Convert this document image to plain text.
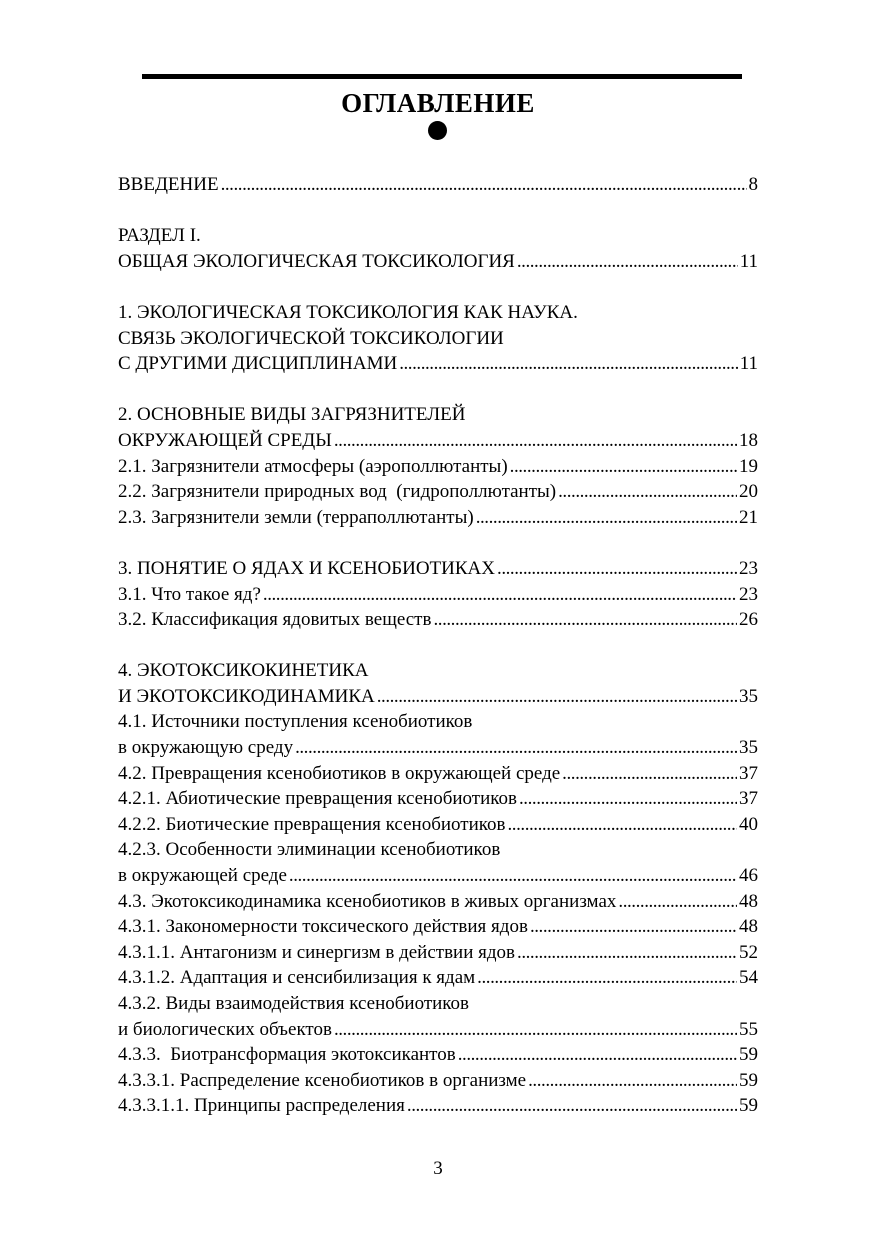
ОГЛАВЛЕНИЕ
ВВЕДЕНИЕ . . .	8
РАЗДЕЛ I.
ОБЩАЯ ЭКОЛОГИЧЕСКАЯ ТОКСИКОЛОГИЯ . . .	11
1. ЭКОЛОГИЧЕСКАЯ ТОКСИКОЛОГИЯ КАК НАУКА.
СВЯЗЬ ЭКОЛОГИЧЕСКОЙ ТОКСИКОЛОГИИ
С ДРУГИМИ ДИСЦИПЛИНАМИ . . .	11
2. ОСНОВНЫЕ ВИДЫ ЗАГРЯЗНИТЕЛЕЙ
ОКРУЖАЮЩЕЙ СРЕДЫ . . .	18
2.1. Загрязнители атмосферы (аэрополлютанты) . . .	19
2.2. Загрязнители природных вод  (гидрополлютанты) . . .	20
2.3. Загрязнители земли (терраполлютанты) . . .	21
3. ПОНЯТИЕ О ЯДАХ И КСЕНОБИОТИКАХ . . .	23
3.1. Что такое яд? . . .	23
3.2. Классификация ядовитых веществ . . .	26
4. ЭКОТОКСИКОКИНЕТИКА
И ЭКОТОКСИКОДИНАМИКА . . .	35
4.1. Источники поступления ксенобиотиков
в окружающую среду . . .	35
4.2. Превращения ксенобиотиков в окружающей среде . . .	37
4.2.1. Абиотические превращения ксенобиотиков . . .	37
4.2.2. Биотические превращения ксенобиотиков . . .	40
4.2.3. Особенности элиминации ксенобиотиков
в окружающей среде . . .	46
4.3. Экотоксикодинамика ксенобиотиков в живых организмах . . .	48
4.3.1. Закономерности токсического действия ядов . . .	48
4.3.1.1. Антагонизм и синергизм в действии ядов . . .	52
4.3.1.2. Адаптация и сенсибилизация к ядам . . .	54
4.3.2. Виды взаимодействия ксенобиотиков
и биологических объектов . . .	55
4.3.3.  Биотрансформация экотоксикантов . . .	59
4.3.3.1. Распределение ксенобиотиков в организме . . .	59
4.3.3.1.1. Принципы распределения . . .	59
3
